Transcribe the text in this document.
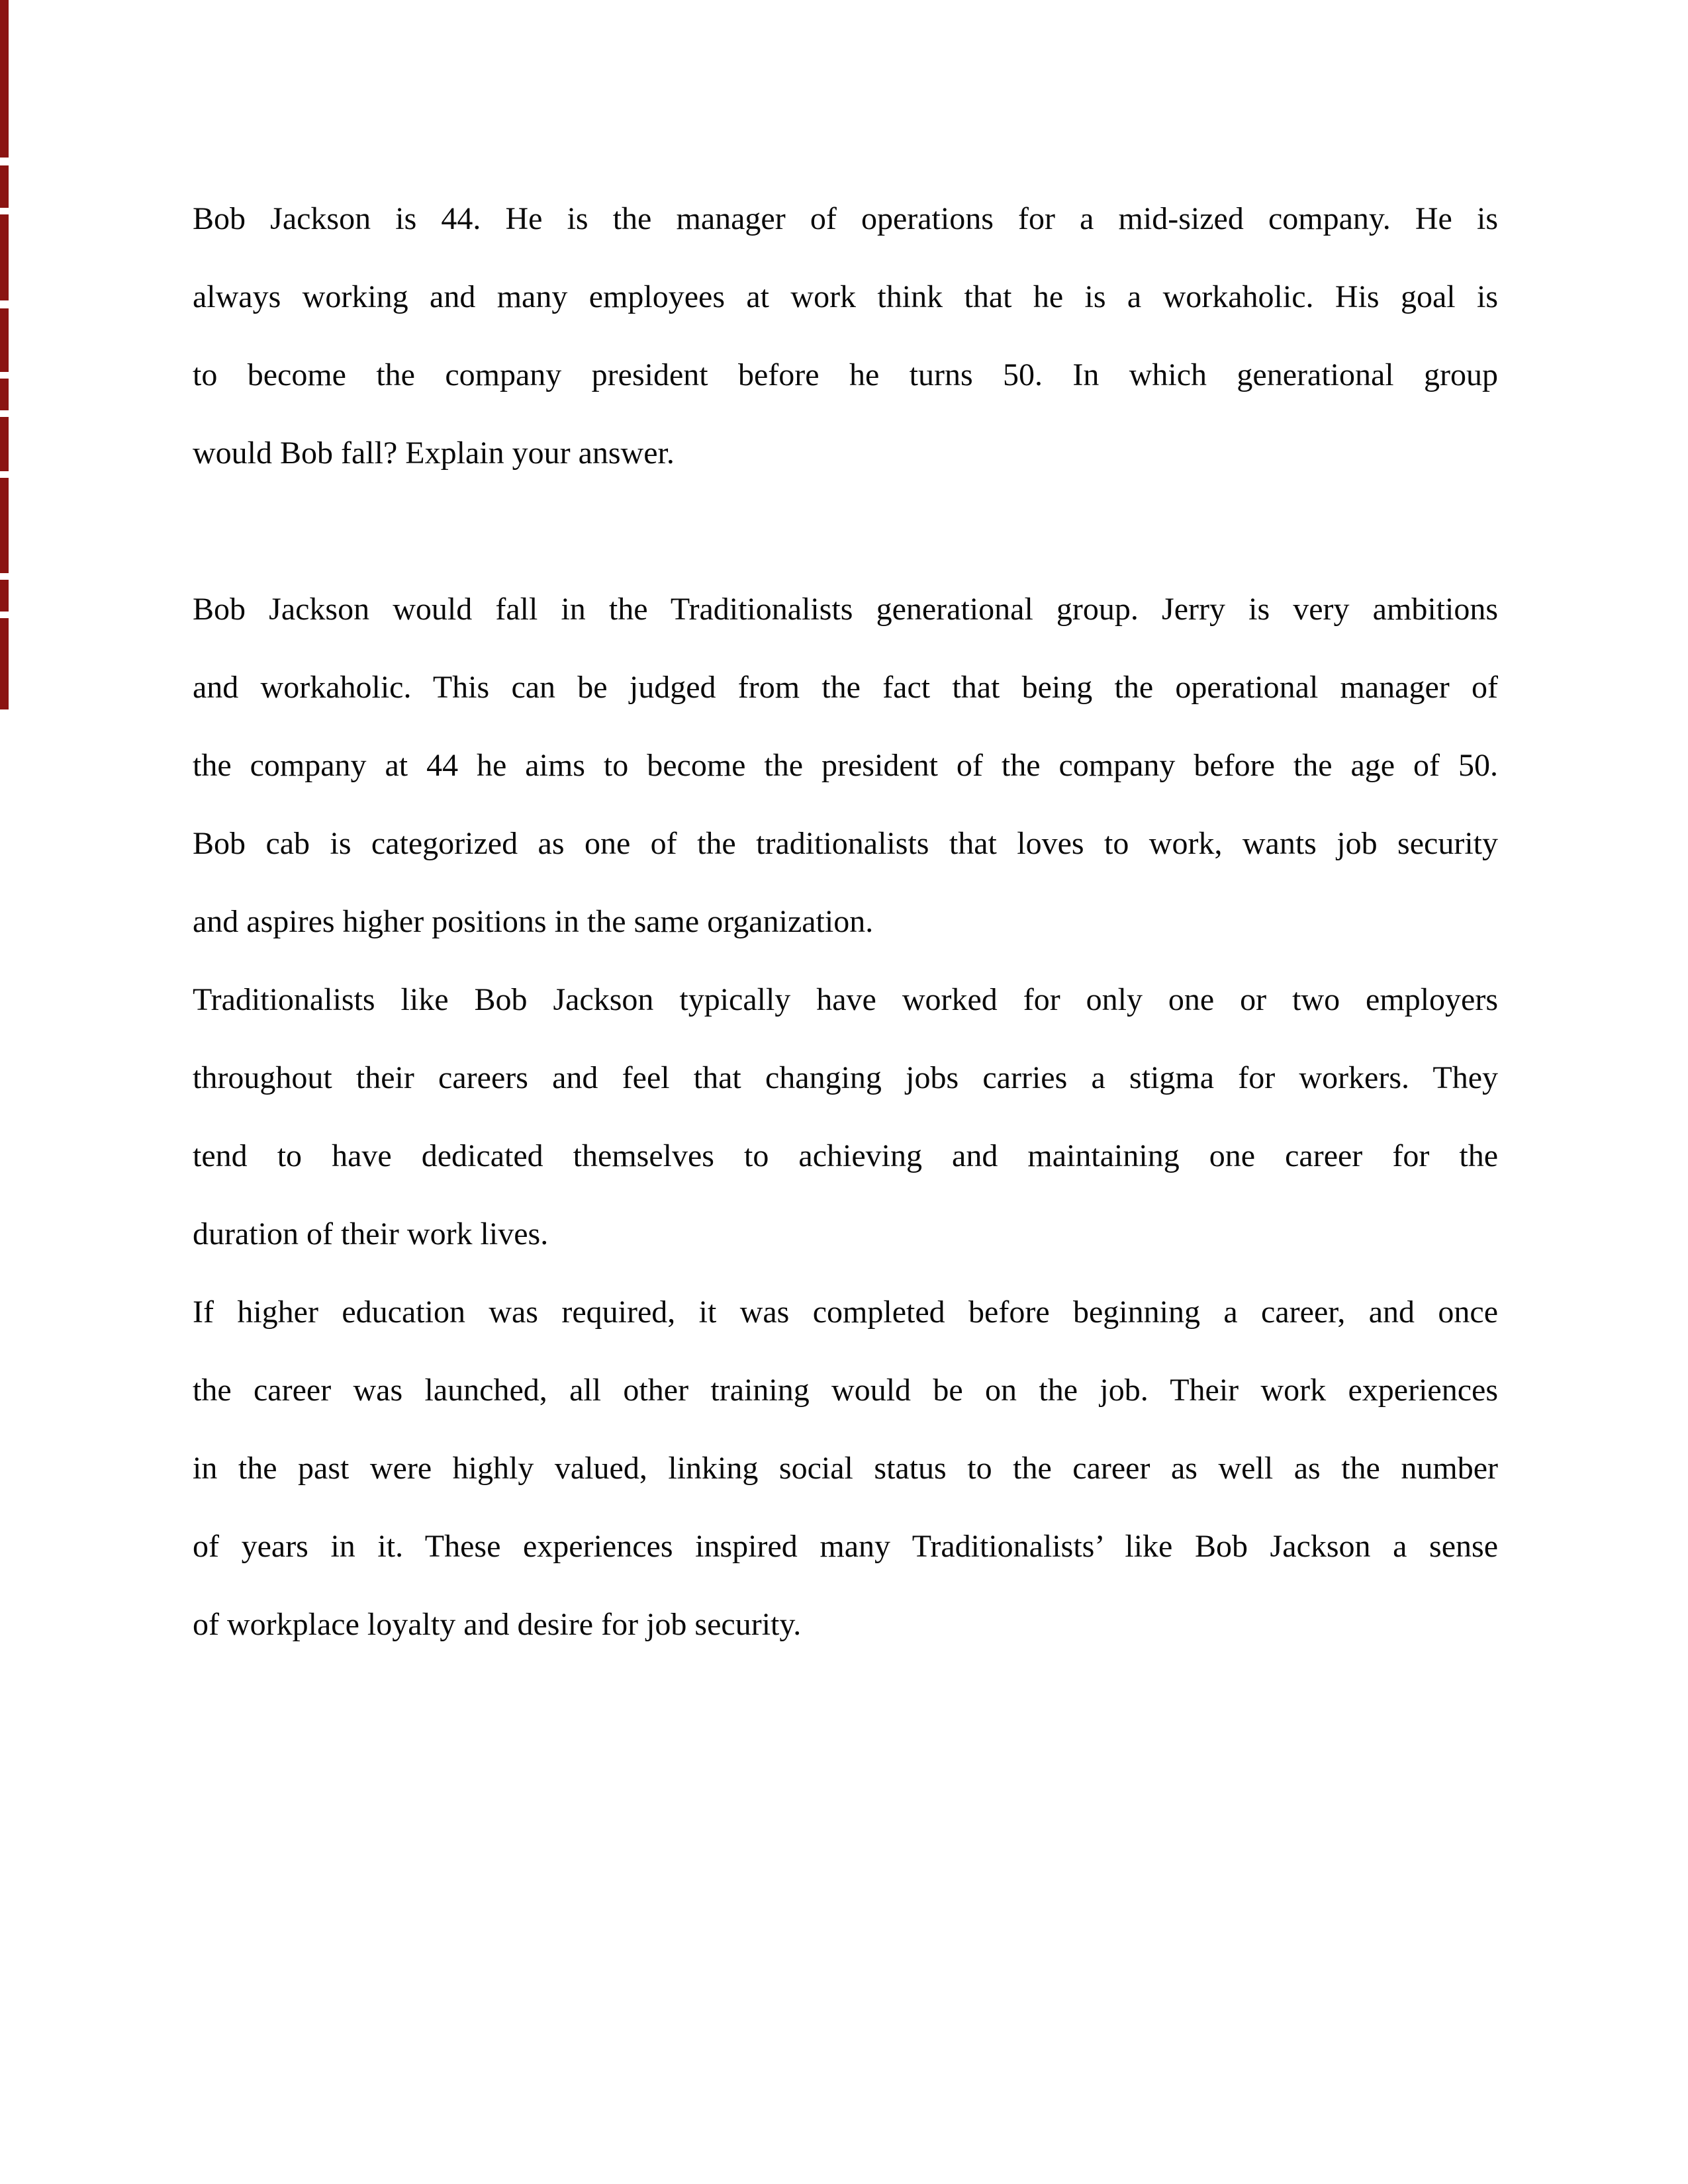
Bob Jackson is 44. He is the manager of operations for a mid-sized company. He is
always working and many employees at work think that he is a workaholic. His goal is
to become the company president before he turns 50. In which generational group
would Bob fall? Explain your answer.
Bob Jackson would fall in the Traditionalists generational group. Jerry is very ambitions
and workaholic. This can be judged from the fact that being the operational manager of
the company at 44 he aims to become the president of the company before the age of 50.
Bob cab is categorized as one of the traditionalists that loves to work, wants job security
and aspires higher positions in the same organization.
Traditionalists like Bob Jackson typically have worked for only one or two employers
throughout their careers and feel that changing jobs carries a stigma for workers. They
tend to have dedicated themselves to achieving and maintaining one career for the
duration of their work lives.
If higher education was required, it was completed before beginning a career, and once
the career was launched, all other training would be on the job. Their work experiences
in the past were highly valued, linking social status to the career as well as the number
of years in it. These experiences inspired many Traditionalists’ like Bob Jackson a sense
of workplace loyalty and desire for job security.
